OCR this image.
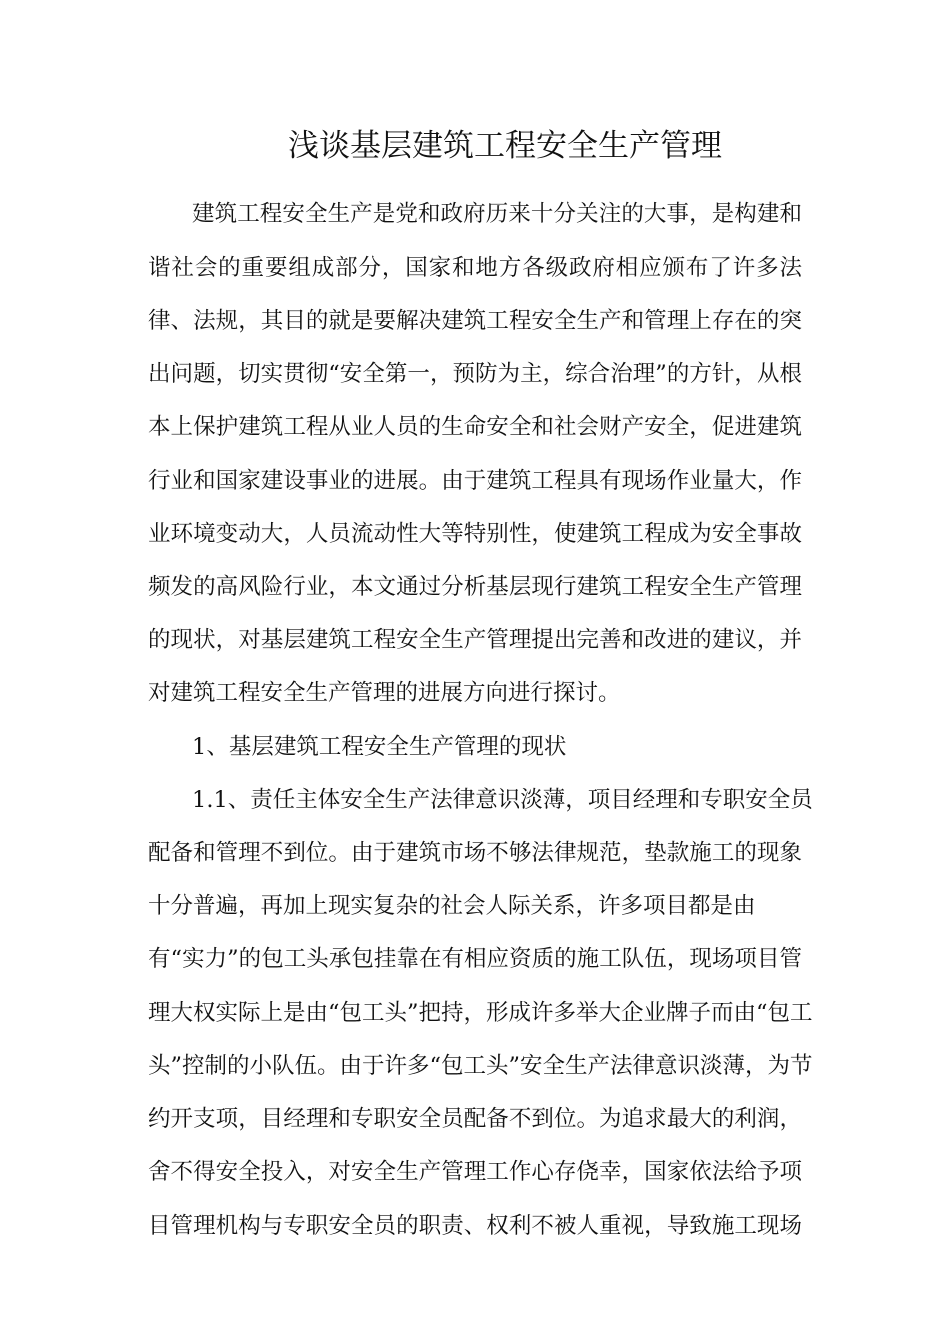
浅谈基层建筑工程安全生产管理

建筑工程安全生产是党和政府历来十分关注的大事，是构建和

谐社会的重要组成部分，国家和地方各级政府相应颁布了许多法

律、法规，其目的就是要解决建筑工程安全生产和管理上存在的突

出问题，切实贯彻“安全第一，预防为主，综合治理”的方针，从根

本上保护建筑工程从业人员的生命安全和社会财产安全，促进建筑

行业和国家建设事业的进展。由于建筑工程具有现场作业量大，作

业环境变动大，人员流动性大等特别性，使建筑工程成为安全事故

频发的高风险行业，本文通过分析基层现行建筑工程安全生产管理

的现状，对基层建筑工程安全生产管理提出完善和改进的建议，并

对建筑工程安全生产管理的进展方向进行探讨。

1、基层建筑工程安全生产管理的现状

1.1、责任主体安全生产法律意识淡薄，项目经理和专职安全员

配备和管理不到位。由于建筑市场不够法律规范，垫款施工的现象

十分普遍，再加上现实复杂的社会人际关系，许多项目都是由

有“实力”的包工头承包挂靠在有相应资质的施工队伍，现场项目管

理大权实际上是由“包工头”把持，形成许多举大企业牌子而由“包工

头”控制的小队伍。由于许多“包工头”安全生产法律意识淡薄，为节

约开支项，目经理和专职安全员配备不到位。为追求最大的利润，

舍不得安全投入，对安全生产管理工作心存侥幸，国家依法给予项

目管理机构与专职安全员的职责、权利不被人重视，导致施工现场
